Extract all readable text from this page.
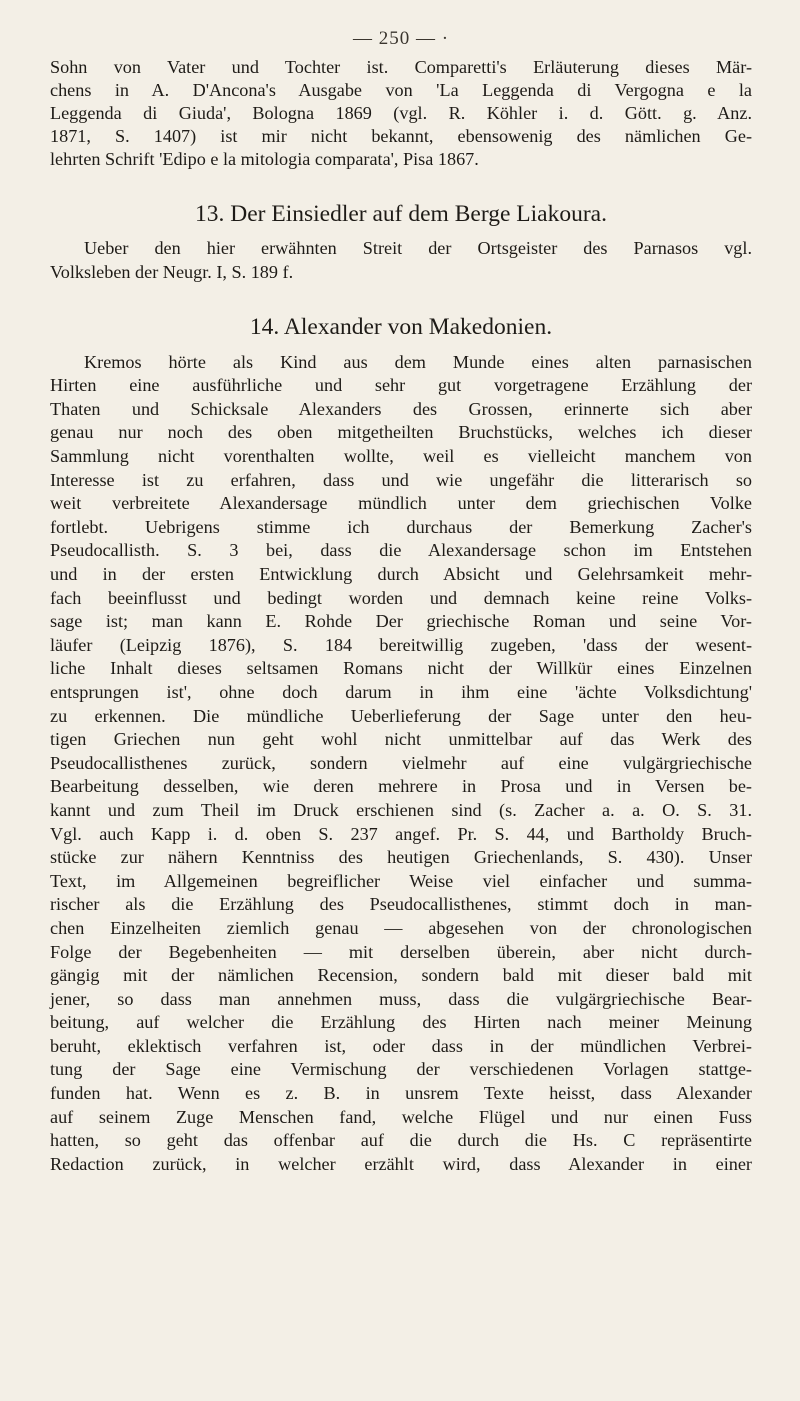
— 250 — ·
Sohn von Vater und Tochter ist. Comparetti's Erläuterung dieses Mär-
chens in A. D'Ancona's Ausgabe von 'La Leggenda di Vergogna e la
Leggenda di Giuda', Bologna 1869 (vgl. R. Köhler i. d. Gött. g. Anz.
1871, S. 1407) ist mir nicht bekannt, ebensowenig des nämlichen Ge-
lehrten Schrift 'Edipo e la mitologia comparata', Pisa 1867.
13. Der Einsiedler auf dem Berge Liakoura.
Ueber den hier erwähnten Streit der Ortsgeister des Parnasos vgl.
Volksleben der Neugr. I, S. 189 f.
14. Alexander von Makedonien.
Kremos hörte als Kind aus dem Munde eines alten parnasischen
Hirten eine ausführliche und sehr gut vorgetragene Erzählung der
Thaten und Schicksale Alexanders des Grossen, erinnerte sich aber
genau nur noch des oben mitgetheilten Bruchstücks, welches ich dieser
Sammlung nicht vorenthalten wollte, weil es vielleicht manchem von
Interesse ist zu erfahren, dass und wie ungefähr die litterarisch so
weit verbreitete Alexandersage mündlich unter dem griechischen Volke
fortlebt. Uebrigens stimme ich durchaus der Bemerkung Zacher's
Pseudocallisth. S. 3 bei, dass die Alexandersage schon im Entstehen
und in der ersten Entwicklung durch Absicht und Gelehrsamkeit mehr-
fach beeinflusst und bedingt worden und demnach keine reine Volks-
sage ist; man kann E. Rohde Der griechische Roman und seine Vor-
läufer (Leipzig 1876), S. 184 bereitwillig zugeben, 'dass der wesent-
liche Inhalt dieses seltsamen Romans nicht der Willkür eines Einzelnen
entsprungen ist', ohne doch darum in ihm eine 'ächte Volksdichtung'
zu erkennen. Die mündliche Ueberlieferung der Sage unter den heu-
tigen Griechen nun geht wohl nicht unmittelbar auf das Werk des
Pseudocallisthenes zurück, sondern vielmehr auf eine vulgärgriechische
Bearbeitung desselben, wie deren mehrere in Prosa und in Versen be-
kannt und zum Theil im Druck erschienen sind (s. Zacher a. a. O. S. 31.
Vgl. auch Kapp i. d. oben S. 237 angef. Pr. S. 44, und Bartholdy Bruch-
stücke zur nähern Kenntniss des heutigen Griechenlands, S. 430). Unser
Text, im Allgemeinen begreiflicher Weise viel einfacher und summa-
rischer als die Erzählung des Pseudocallisthenes, stimmt doch in man-
chen Einzelheiten ziemlich genau — abgesehen von der chronologischen
Folge der Begebenheiten — mit derselben überein, aber nicht durch-
gängig mit der nämlichen Recension, sondern bald mit dieser bald mit
jener, so dass man annehmen muss, dass die vulgärgriechische Bear-
beitung, auf welcher die Erzählung des Hirten nach meiner Meinung
beruht, eklektisch verfahren ist, oder dass in der mündlichen Verbrei-
tung der Sage eine Vermischung der verschiedenen Vorlagen stattge-
funden hat. Wenn es z. B. in unsrem Texte heisst, dass Alexander
auf seinem Zuge Menschen fand, welche Flügel und nur einen Fuss
hatten, so geht das offenbar auf die durch die Hs. C repräsentirte
Redaction zurück, in welcher erzählt wird, dass Alexander in einer
